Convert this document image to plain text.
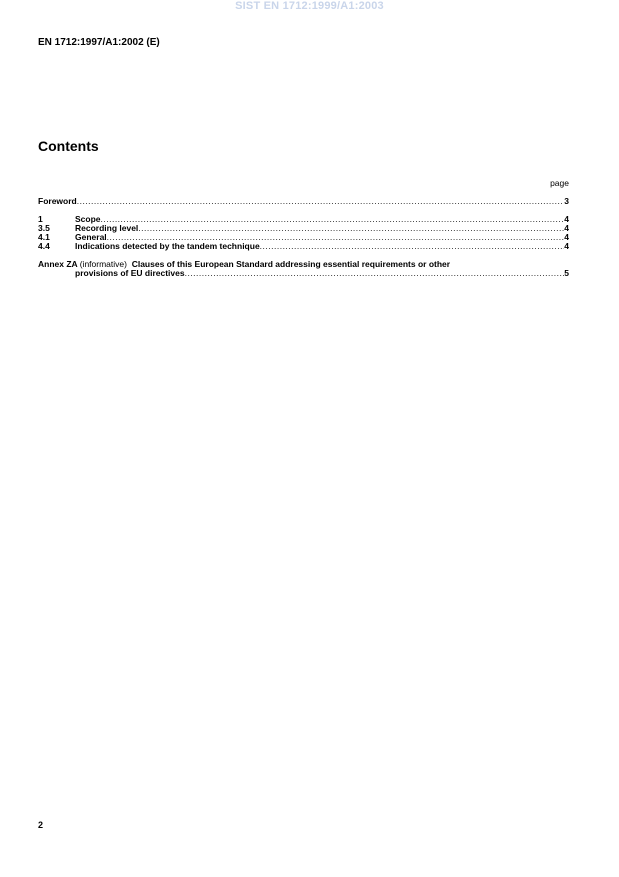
SIST EN 1712:1999/A1:2003
EN 1712:1997/A1:2002 (E)
Contents
page
Foreword .....	3
1	Scope .....	4
3.5	Recording level .....	4
4.1	General .....	4
4.4	Indications detected by the tandem technique .....	4
Annex ZA (informative) Clauses of this European Standard addressing essential requirements or other
provisions of EU directives .....	5
2
